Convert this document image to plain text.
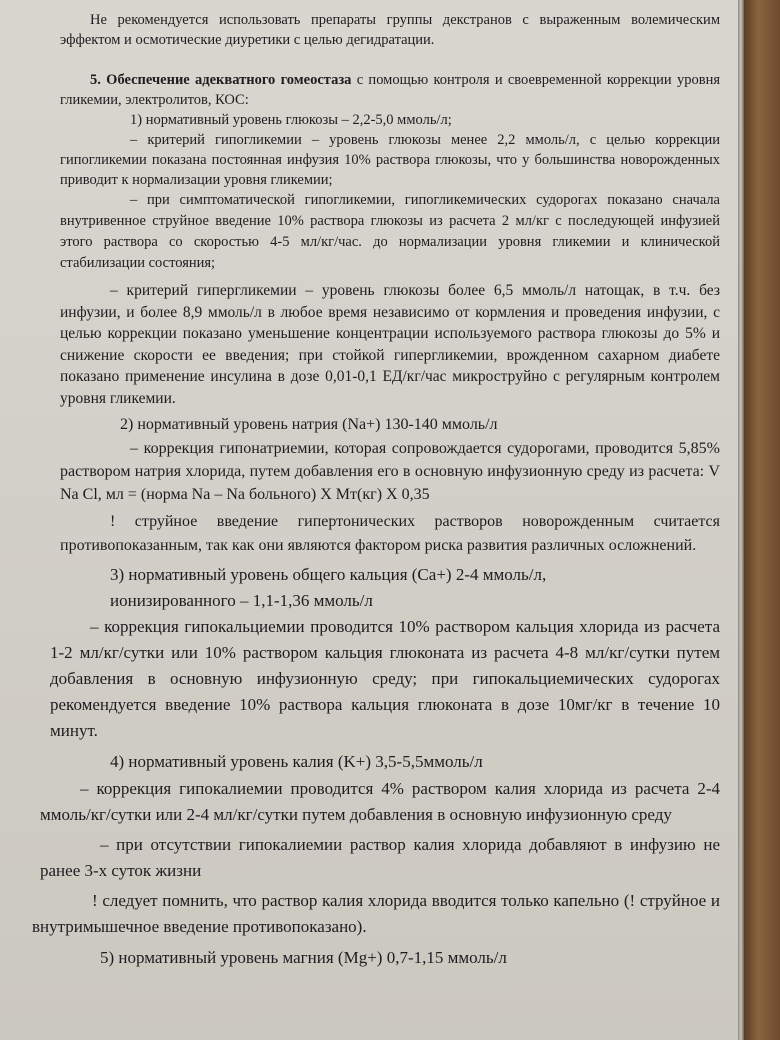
Не рекомендуется использовать препараты группы декстранов с выраженным волемическим эффектом и осмотические диуретики с целью дегидратации.

5. Обеспечение адекватного гомеостаза с помощью контроля и своевременной коррекции уровня гликемии, электролитов, КОС:

1) нормативный уровень глюкозы – 2,2-5,0 ммоль/л;

– критерий гипогликемии – уровень глюкозы менее 2,2 ммоль/л, с целью коррекции гипогликемии показана постоянная инфузия 10% раствора глюкозы, что у большинства новорожденных приводит к нормализации уровня гликемии;

– при симптоматической гипогликемии, гипогликемических судорогах показано сначала внутривенное струйное введение 10% раствора глюкозы из расчета 2 мл/кг с последующей инфузией этого раствора со скоростью 4-5 мл/кг/час. до нормализации уровня гликемии и клинической стабилизации состояния;

– критерий гипергликемии – уровень глюкозы более 6,5 ммоль/л натощак, в т.ч. без инфузии, и более 8,9 ммоль/л в любое время независимо от кормления и проведения инфузии, с целью коррекции показано уменьшение концентрации используемого раствора глюкозы до 5% и снижение скорости ее введения; при стойкой гипергликемии, врожденном сахарном диабете показано применение инсулина в дозе 0,01-0,1 ЕД/кг/час микроструйно с регулярным контролем уровня гликемии.

2) нормативный уровень натрия (Na+) 130-140 ммоль/л

– коррекция гипонатриемии, которая сопровождается судорогами, проводится 5,85% раствором натрия хлорида, путем добавления его в основную инфузионную среду из расчета: V Na Cl, мл = (норма Na – Na больного) Х Мт(кг) Х 0,35

! струйное введение гипертонических растворов новорожденным считается противопоказанным, так как они являются фактором риска развития различных осложнений.

3) нормативный уровень общего кальция (Ca+) 2-4 ммоль/л,

ионизированного – 1,1-1,36 ммоль/л

– коррекция гипокальциемии проводится 10% раствором кальция хлорида из расчета 1-2 мл/кг/сутки или 10% раствором кальция глюконата из расчета 4-8 мл/кг/сутки путем добавления в основную инфузионную среду; при гипокальциемических судорогах рекомендуется введение 10% раствора кальция глюконата в дозе 10мг/кг в течение 10 минут.

4) нормативный уровень калия (K+) 3,5-5,5ммоль/л

– коррекция гипокалиемии проводится 4% раствором калия хлорида из расчета 2-4 ммоль/кг/сутки или 2-4 мл/кг/сутки путем добавления в основную инфузионную среду

– при отсутствии гипокалиемии раствор калия хлорида добавляют в инфузию не ранее 3-х суток жизни

! следует помнить, что раствор калия хлорида вводится только капельно (! струйное и внутримышечное введение противопоказано).

5) нормативный уровень магния (Mg+) 0,7-1,15 ммоль/л
